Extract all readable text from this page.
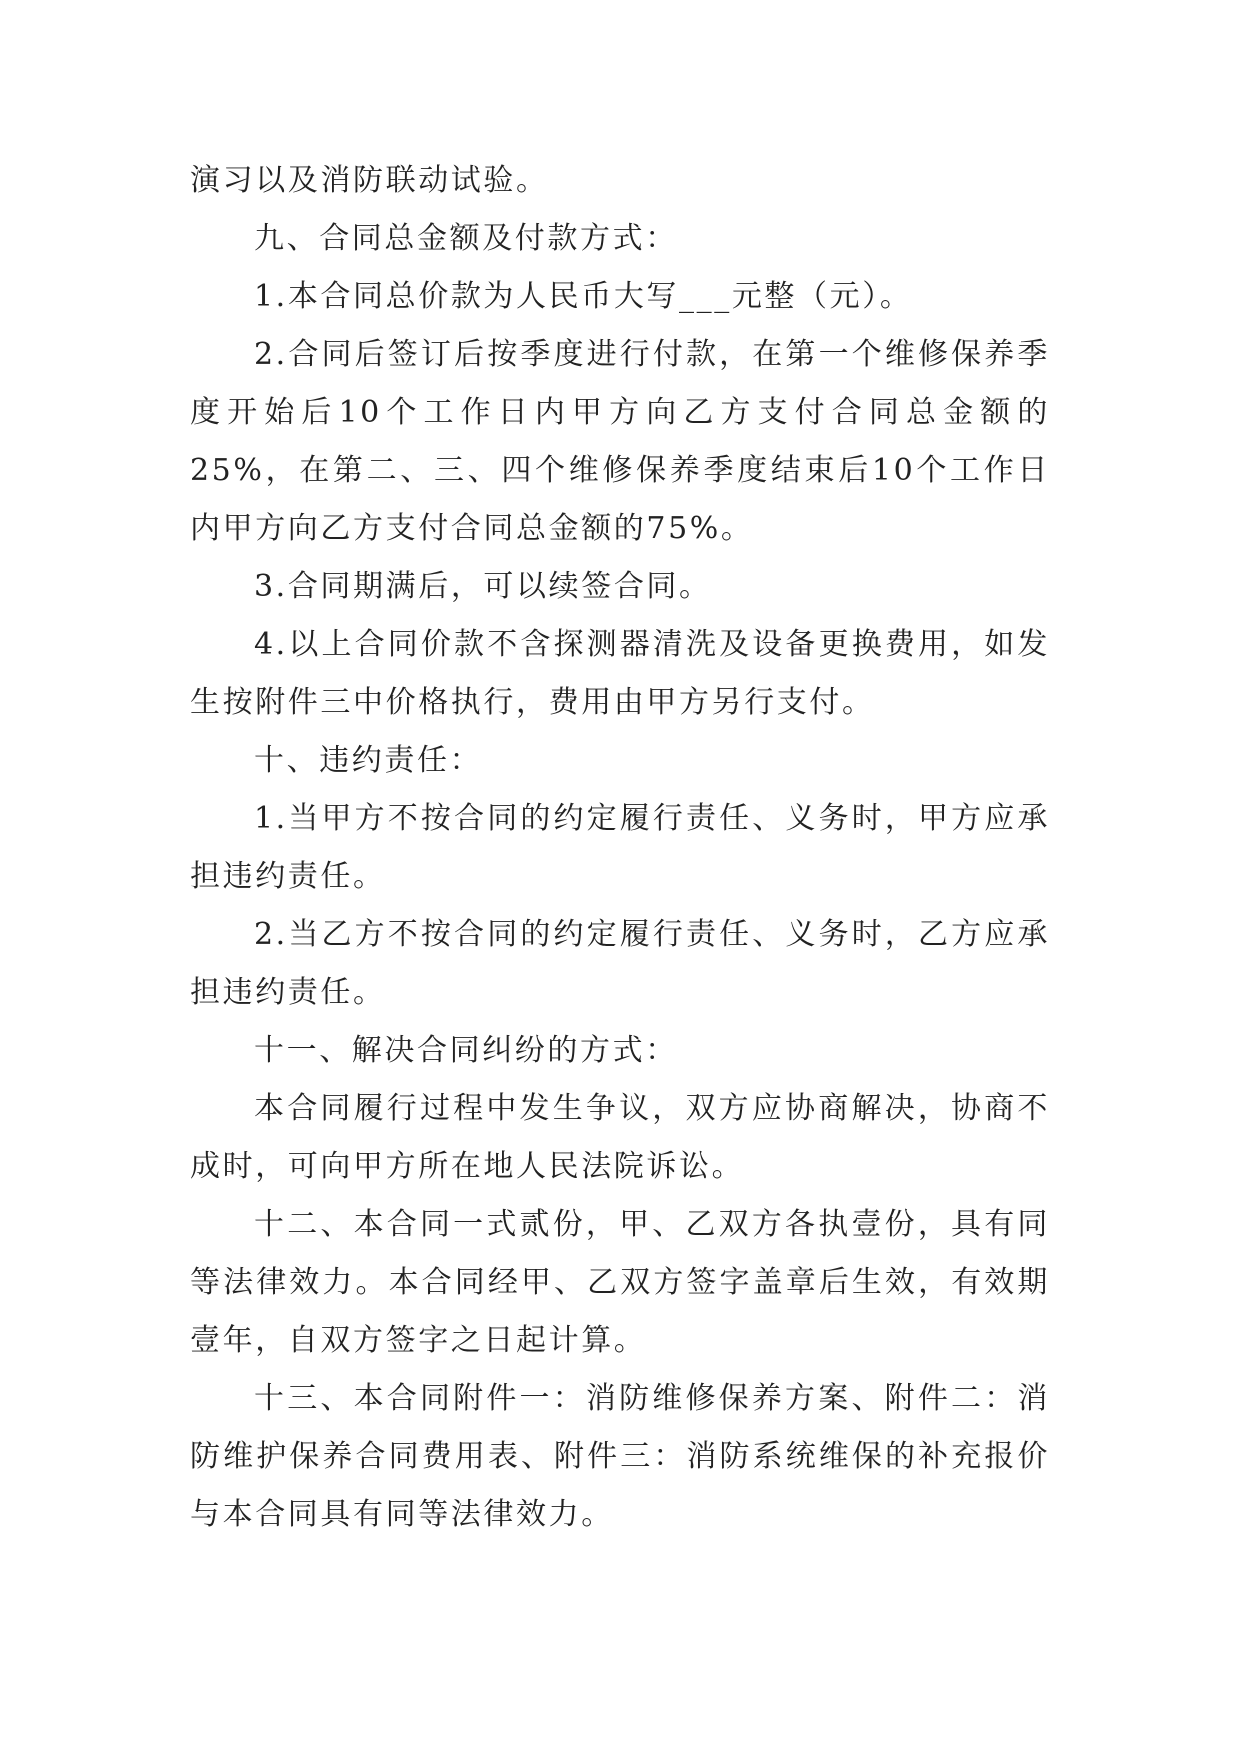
演习以及消防联动试验。

九、合同总金额及付款方式：

1.本合同总价款为人民币大写___元整（元）。

2.合同后签订后按季度进行付款，在第一个维修保养季度开始后10个工作日内甲方向乙方支付合同总金额的25%，在第二、三、四个维修保养季度结束后10个工作日内甲方向乙方支付合同总金额的75%。

3.合同期满后，可以续签合同。

4.以上合同价款不含探测器清洗及设备更换费用，如发生按附件三中价格执行，费用由甲方另行支付。

十、违约责任：

1.当甲方不按合同的约定履行责任、义务时，甲方应承担违约责任。

2.当乙方不按合同的约定履行责任、义务时，乙方应承担违约责任。

十一、解决合同纠纷的方式：

本合同履行过程中发生争议，双方应协商解决，协商不成时，可向甲方所在地人民法院诉讼。

十二、本合同一式贰份，甲、乙双方各执壹份，具有同等法律效力。本合同经甲、乙双方签字盖章后生效，有效期壹年，自双方签字之日起计算。

十三、本合同附件一：消防维修保养方案、附件二：消防维护保养合同费用表、附件三：消防系统维保的补充报价与本合同具有同等法律效力。
